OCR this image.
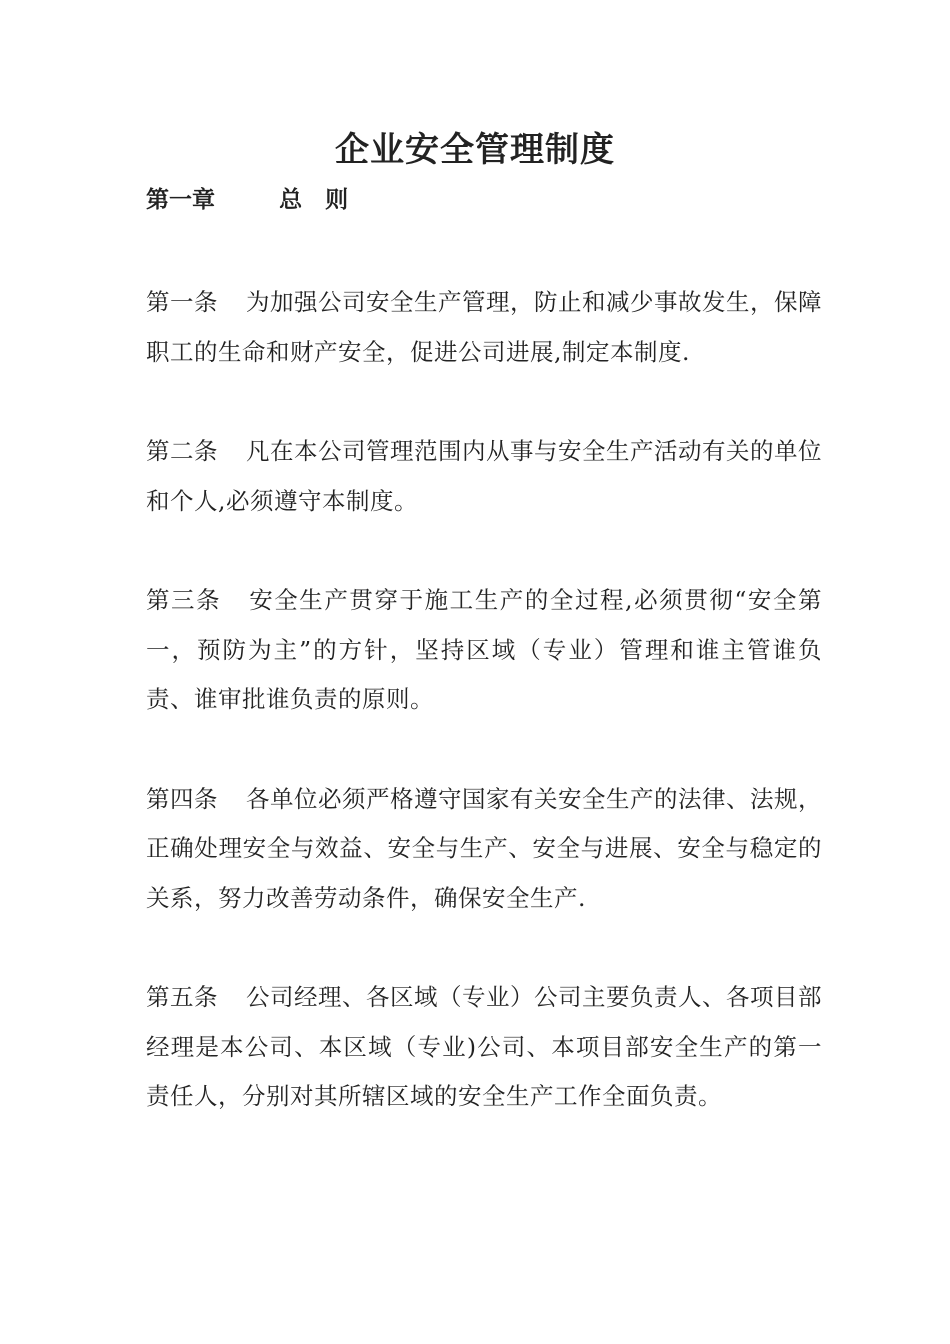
企业安全管理制度

第一章	总　则

第一条 为加强公司安全生产管理，防止和减少事故发生，保障职工的生命和财产安全，促进公司进展,制定本制度.

第二条 凡在本公司管理范围内从事与安全生产活动有关的单位和个人,必须遵守本制度。

第三条 安全生产贯穿于施工生产的全过程,必须贯彻“安全第一，预防为主”的方针，坚持区域（专业）管理和谁主管谁负责、谁审批谁负责的原则。

第四条 各单位必须严格遵守国家有关安全生产的法律、法规，正确处理安全与效益、安全与生产、安全与进展、安全与稳定的关系，努力改善劳动条件，确保安全生产.

第五条 公司经理、各区域（专业）公司主要负责人、各项目部经理是本公司、本区域（专业)公司、本项目部安全生产的第一责任人，分别对其所辖区域的安全生产工作全面负责。
